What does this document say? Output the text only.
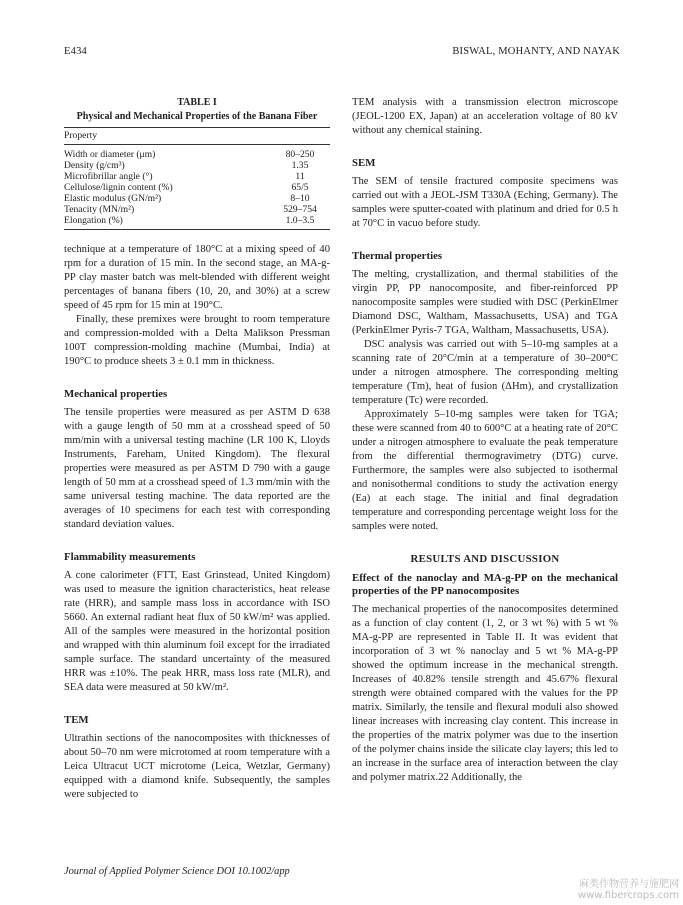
E434	BISWAL, MOHANTY, AND NAYAK
TABLE I
Physical and Mechanical Properties of the Banana Fiber
Property	

Width or diameter (μm)	80–250
Density (g/cm³)	1.35
Microfibrillar angle (°)	11
Cellulose/lignin content (%)	65/5
Elastic modulus (GN/m²)	8–10
Tenacity (MN/m²)	529–754
Elongation (%)	1.0–3.5

technique at a temperature of 180°C at a mixing speed of 40 rpm for a duration of 15 min. In the second stage, an MA-g-PP clay master batch was melt-blended with different weight percentages of banana fibers (10, 20, and 30%) at a screw speed of 45 rpm for 15 min at 190°C.

Finally, these premixes were brought to room temperature and compression-molded with a Delta Malikson Pressman 100T compression-molding machine (Mumbai, India) at 190°C to produce sheets 3 ± 0.1 mm in thickness.

Mechanical properties

The tensile properties were measured as per ASTM D 638 with a gauge length of 50 mm at a crosshead speed of 50 mm/min with a universal testing machine (LR 100 K, Lloyds Instruments, Fareham, United Kingdom). The flexural properties were measured as per ASTM D 790 with a gauge length of 50 mm at a crosshead speed of 1.3 mm/min with the same universal testing machine. The data reported are the averages of 10 specimens for each test with corresponding standard deviation values.

Flammability measurements

A cone calorimeter (FTT, East Grinstead, United Kingdom) was used to measure the ignition characteristics, heat release rate (HRR), and sample mass loss in accordance with ISO 5660. An external radiant heat flux of 50 kW/m² was applied. All of the samples were measured in the horizontal position and wrapped with thin aluminum foil except for the irradiated sample surface. The standard uncertainty of the measured HRR was ±10%. The peak HRR, mass loss rate (MLR), and SEA data were measured at 50 kW/m².

TEM

Ultrathin sections of the nanocomposites with thicknesses of about 50–70 nm were microtomed at room temperature with a Leica Ultracut UCT microtome (Leica, Wetzlar, Germany) equipped with a diamond knife. Subsequently, the samples were subjected to

TEM analysis with a transmission electron microscope (JEOL-1200 EX, Japan) at an acceleration voltage of 80 kV without any chemical staining.

SEM

The SEM of tensile fractured composite specimens was carried out with a JEOL-JSM T330A (Eching, Germany). The samples were sputter-coated with platinum and dried for 0.5 h at 70°C in vacuo before study.

Thermal properties

The melting, crystallization, and thermal stabilities of the virgin PP, PP nanocomposite, and fiber-reinforced PP nanocomposite samples were studied with DSC (PerkinElmer Diamond DSC, Waltham, Massachusetts, USA) and TGA (PerkinElmer Pyris-7 TGA, Waltham, Massachusetts, USA).

DSC analysis was carried out with 5–10-mg samples at a scanning rate of 20°C/min at a temperature of 30–200°C under a nitrogen atmosphere. The corresponding melting temperature (Tm), heat of fusion (ΔHm), and crystallization temperature (Tc) were recorded.

Approximately 5–10-mg samples were taken for TGA; these were scanned from 40 to 600°C at a heating rate of 20°C under a nitrogen atmosphere to evaluate the peak temperature from the differential thermogravimetry (DTG) curve. Furthermore, the samples were also subjected to isothermal and nonisothermal conditions to study the activation energy (Ea) at each stage. The initial and final degradation temperature and corresponding percentage weight loss for the samples were noted.

RESULTS AND DISCUSSION
Effect of the nanoclay and MA-g-PP on the mechanical properties of the PP nanocomposites

The mechanical properties of the nanocomposites determined as a function of clay content (1, 2, or 3 wt %) with 5 wt % MA-g-PP are represented in Table II. It was evident that incorporation of 3 wt % nanoclay and 5 wt % MA-g-PP showed the optimum increase in the mechanical strength. Increases of 40.82% tensile strength and 45.67% flexural strength were obtained compared with the values for the PP matrix. Similarly, the tensile and flexural moduli also showed linear increases with increasing clay content. This increase in the properties of the matrix polymer was due to the insertion of the polymer chains inside the silicate clay layers; this led to an increase in the surface area of interaction between the clay and polymer matrix.22 Additionally, the

Journal of Applied Polymer Science DOI 10.1002/app
麻类作物营养与施肥网
www.fibercrops.com
